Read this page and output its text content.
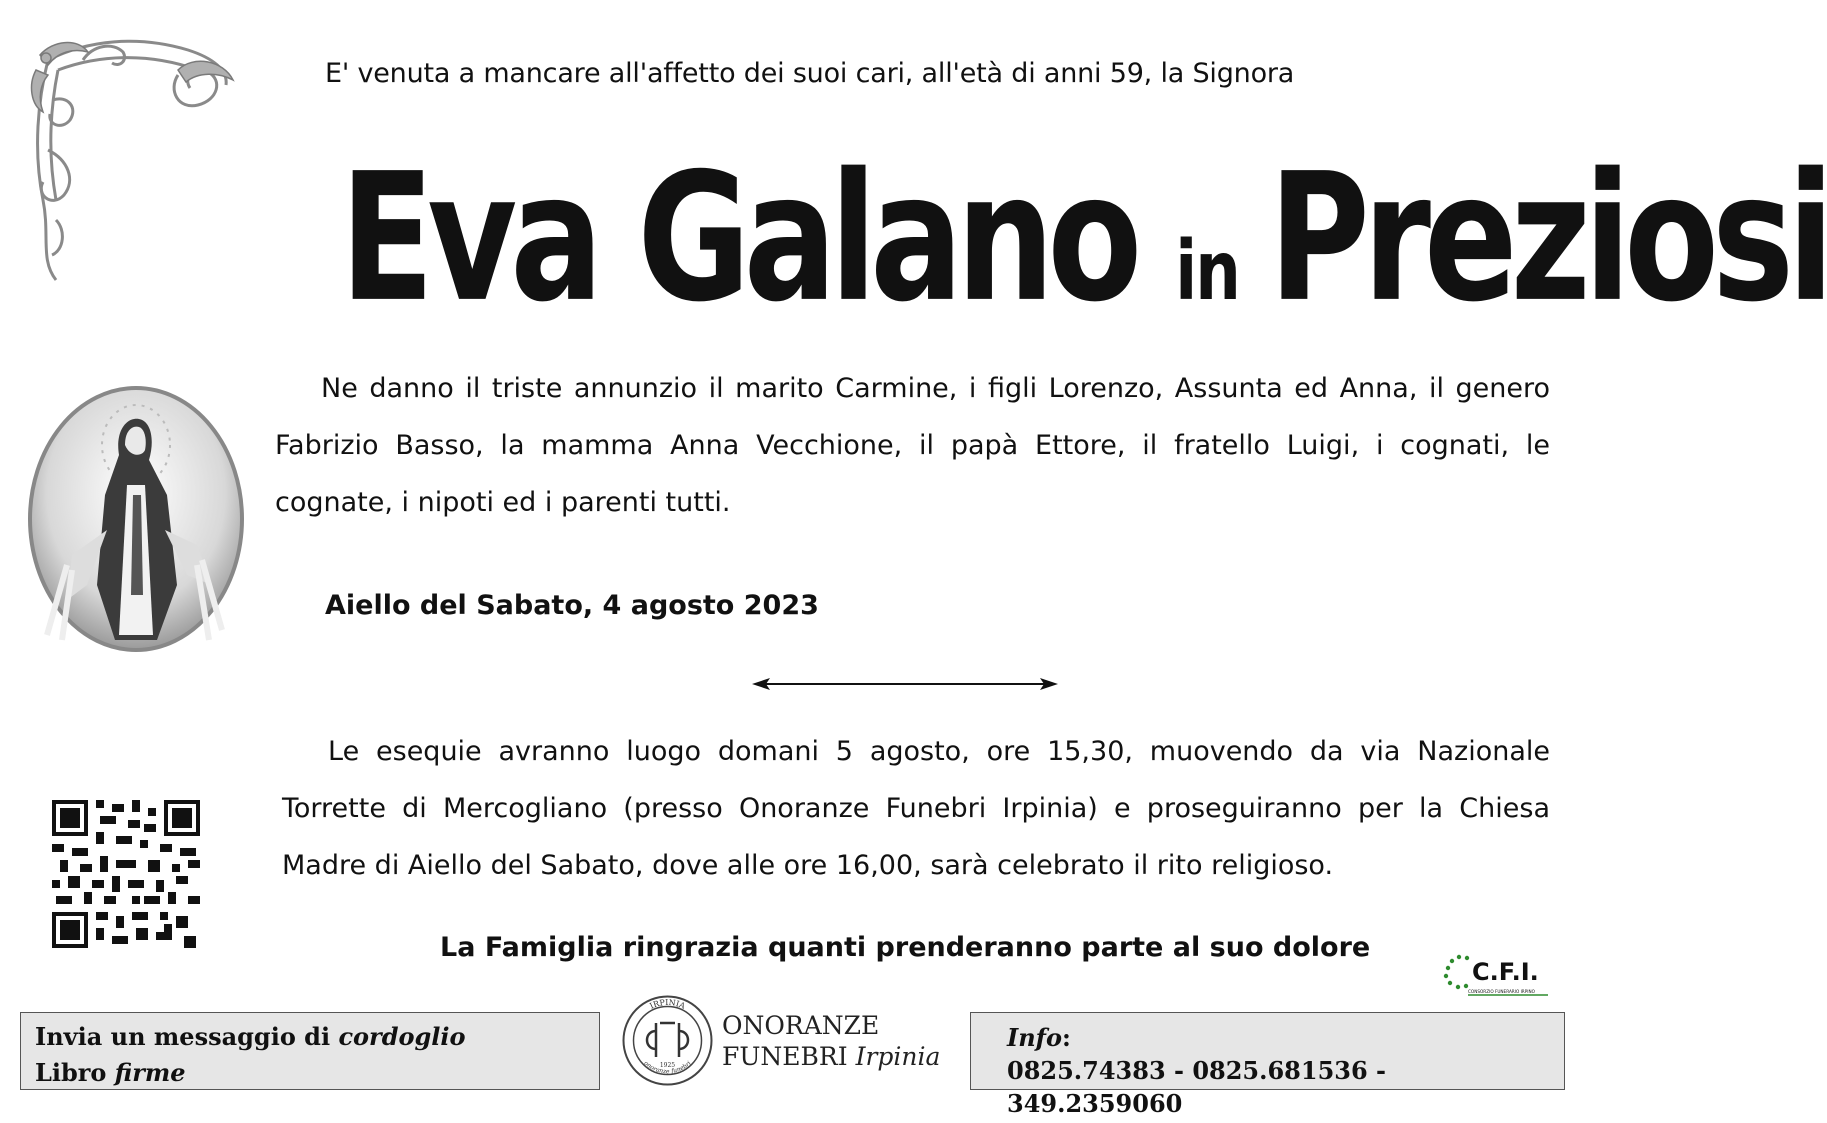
E' venuta a mancare all'affetto dei suoi cari, all'età di anni 59, la Signora
Eva Galano in Preziosi
Ne danno il triste annunzio il marito Carmine, i figli Lorenzo, Assunta ed Anna, il genero Fabrizio Basso, la mamma Anna Vecchione, il papà Ettore, il fratello Luigi, i cognati, le cognate, i nipoti ed i parenti tutti.
Aiello del Sabato, 4 agosto 2023
Le esequie avranno luogo domani 5 agosto, ore 15,30, muovendo da via Nazionale Torrette di Mercogliano (presso Onoranze Funebri Irpinia) e proseguiranno per la Chiesa Madre di Aiello del Sabato, dove alle ore 16,00, sarà celebrato il rito religioso.
La Famiglia ringrazia quanti prenderanno parte al suo dolore
C.F.I.
CONSORZIO FUNERARIO IRPINO
Invia un messaggio di cordoglio
Libro firme
IRPINIA
onoranze funebri
1925
ONORANZE
FUNEBRI Irpinia
Info:
0825.74383 - 0825.681536 - 349.2359060
